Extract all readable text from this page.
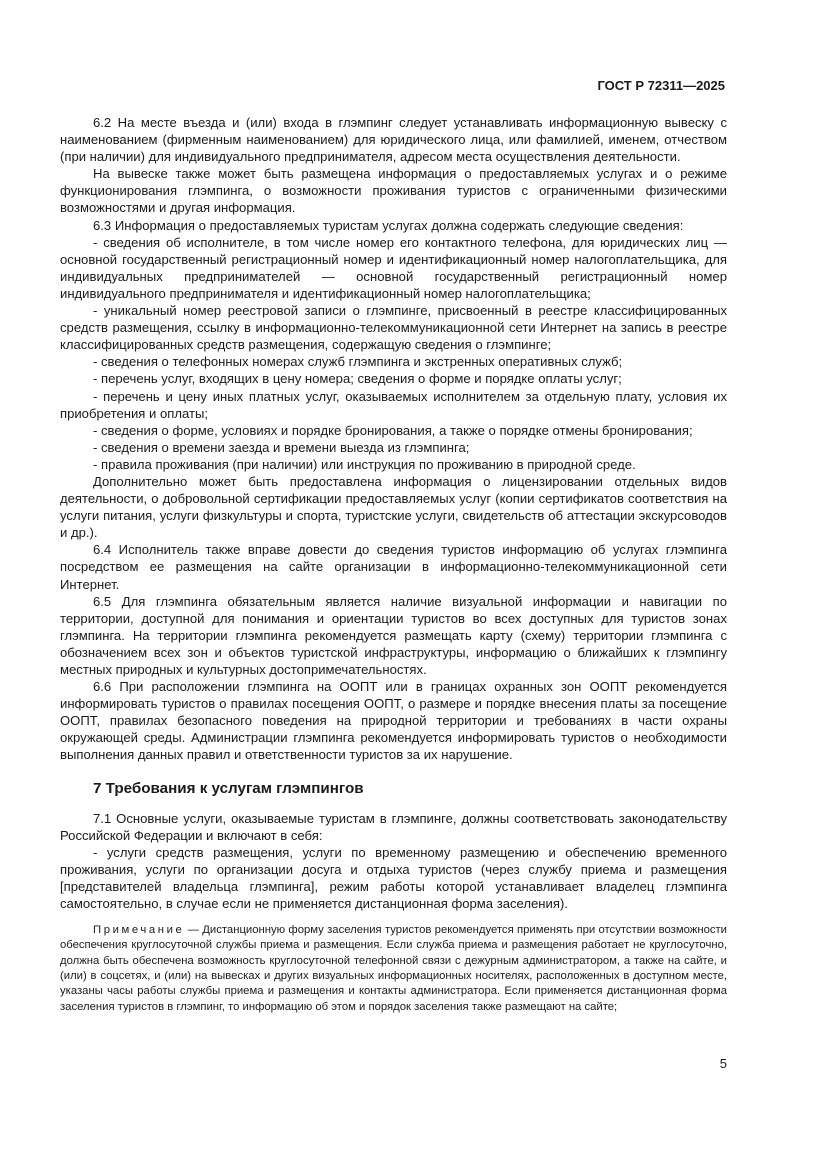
ГОСТ Р 72311—2025

6.2 На месте въезда и (или) входа в глэмпинг следует устанавливать информационную вывеску с наименованием (фирменным наименованием) для юридического лица, или фамилией, именем, отчеством (при наличии) для индивидуального предпринимателя, адресом места осуществления деятельности.

На вывеске также может быть размещена информация о предоставляемых услугах и о режиме функционирования глэмпинга, о возможности проживания туристов с ограниченными физическими возможностями и другая информация.

6.3 Информация о предоставляемых туристам услугах должна содержать следующие сведения:

- сведения об исполнителе, в том числе номер его контактного телефона, для юридических лиц — основной государственный регистрационный номер и идентификационный номер налогоплательщика, для индивидуальных предпринимателей — основной государственный регистрационный номер индивидуального предпринимателя и идентификационный номер налогоплательщика;

- уникальный номер реестровой записи о глэмпинге, присвоенный в реестре классифицированных средств размещения, ссылку в информационно-телекоммуникационной сети Интернет на запись в реестре классифицированных средств размещения, содержащую сведения о глэмпинге;

- сведения о телефонных номерах служб глэмпинга и экстренных оперативных служб;

- перечень услуг, входящих в цену номера; сведения о форме и порядке оплаты услуг;

- перечень и цену иных платных услуг, оказываемых исполнителем за отдельную плату, условия их приобретения и оплаты;

- сведения о форме, условиях и порядке бронирования, а также о порядке отмены бронирования;

- сведения о времени заезда и времени выезда из глэмпинга;

- правила проживания (при наличии) или инструкция по проживанию в природной среде.

Дополнительно может быть предоставлена информация о лицензировании отдельных видов деятельности, о добровольной сертификации предоставляемых услуг (копии сертификатов соответствия на услуги питания, услуги физкультуры и спорта, туристские услуги, свидетельств об аттестации экскурсоводов и др.).

6.4 Исполнитель также вправе довести до сведения туристов информацию об услугах глэмпинга посредством ее размещения на сайте организации в информационно-телекоммуникационной сети Интернет.

6.5 Для глэмпинга обязательным является наличие визуальной информации и навигации по территории, доступной для понимания и ориентации туристов во всех доступных для туристов зонах глэмпинга. На территории глэмпинга рекомендуется размещать карту (схему) территории глэмпинга с обозначением всех зон и объектов туристской инфраструктуры, информацию о ближайших к глэмпингу местных природных и культурных достопримечательностях.

6.6 При расположении глэмпинга на ООПТ или в границах охранных зон ООПТ рекомендуется информировать туристов о правилах посещения ООПТ, о размере и порядке внесения платы за посещение ООПТ, правилах безопасного поведения на природной территории и требованиях в части охраны окружающей среды. Администрации глэмпинга рекомендуется информировать туристов о необходимости выполнения данных правил и ответственности туристов за их нарушение.

7 Требования к услугам глэмпингов

7.1 Основные услуги, оказываемые туристам в глэмпинге, должны соответствовать законодательству Российской Федерации и включают в себя:

- услуги средств размещения, услуги по временному размещению и обеспечению временного проживания, услуги по организации досуга и отдыха туристов (через службу приема и размещения [представителей владельца глэмпинга], режим работы которой устанавливает владелец глэмпинга самостоятельно, в случае если не применяется дистанционная форма заселения).

Примечание — Дистанционную форму заселения туристов рекомендуется применять при отсутствии возможности обеспечения круглосуточной службы приема и размещения. Если служба приема и размещения работает не круглосуточно, должна быть обеспечена возможность круглосуточной телефонной связи с дежурным администратором, а также на сайте, и (или) в соцсетях, и (или) на вывесках и других визуальных информационных носителях, расположенных в доступном месте, указаны часы работы службы приема и размещения и контакты администратора. Если применяется дистанционная форма заселения туристов в глэмпинг, то информацию об этом и порядок заселения также размещают на сайте;
5
